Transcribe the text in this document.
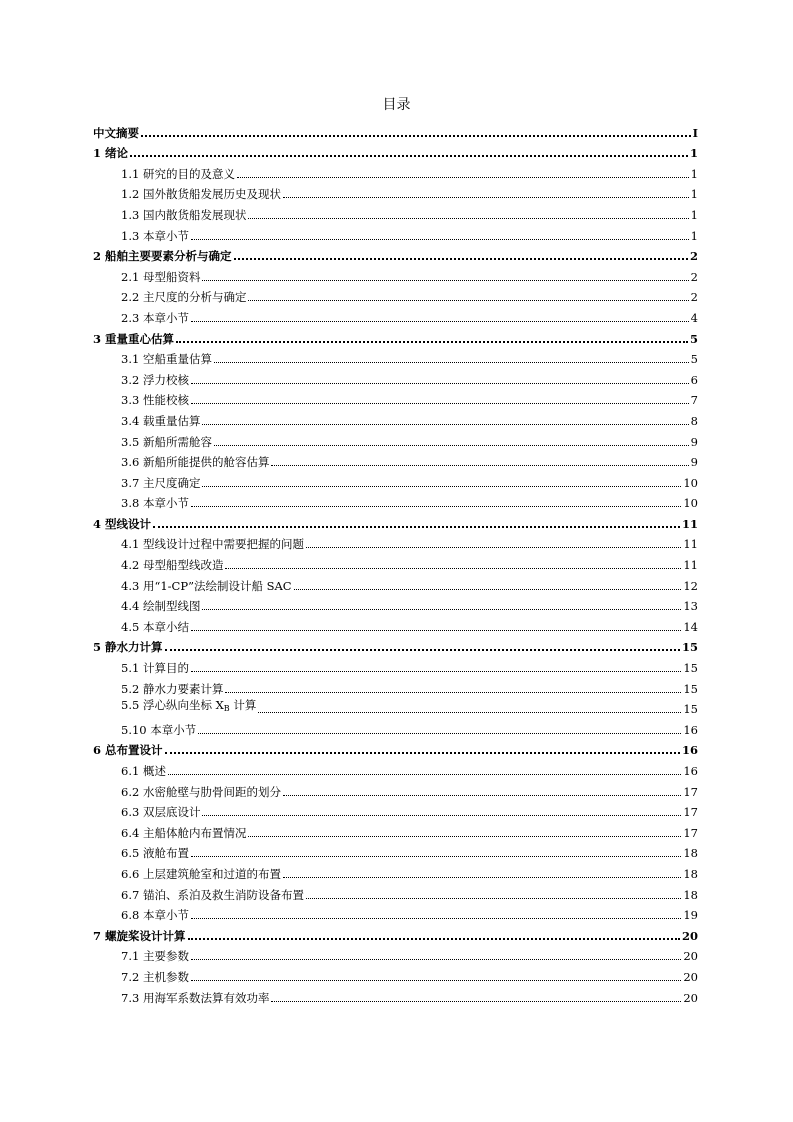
目录
中文摘要	I
1 绪论	1
1.1 研究的目的及意义	1
1.2 国外散货船发展历史及现状	1
1.3 国内散货船发展现状	1
1.3 本章小节	1
2 船舶主要要素分析与确定	2
2.1 母型船资料	2
2.2 主尺度的分析与确定	2
2.3 本章小节	4
3 重量重心估算	5
3.1 空船重量估算	5
3.2 浮力校核	6
3.3 性能校核	7
3.4 载重量估算	8
3.5 新船所需舱容	9
3.6 新船所能提供的舱容估算	9
3.7 主尺度确定	10
3.8 本章小节	10
4 型线设计	11
4.1 型线设计过程中需要把握的问题	11
4.2 母型船型线改造	11
4.3 用“1-CP”法绘制设计船 SAC	12
4.4 绘制型线图	13
4.5 本章小结	14
5 静水力计算	15
5.1 计算目的	15
5.2 静水力要素计算	15
5.5 浮心纵向坐标 $X_B$ 计算	15
5.10 本章小节	16
6 总布置设计	16
6.1 概述	16
6.2 水密舱壁与肋骨间距的划分	17
6.3 双层底设计	17
6.4 主船体舱内布置情况	17
6.5 液舱布置	18
6.6 上层建筑舱室和过道的布置	18
6.7 锚泊、系泊及救生消防设备布置	18
6.8 本章小节	19
7 螺旋桨设计计算	20
7.1 主要参数	20
7.2 主机参数	20
7.3 用海军系数法算有效功率	20
